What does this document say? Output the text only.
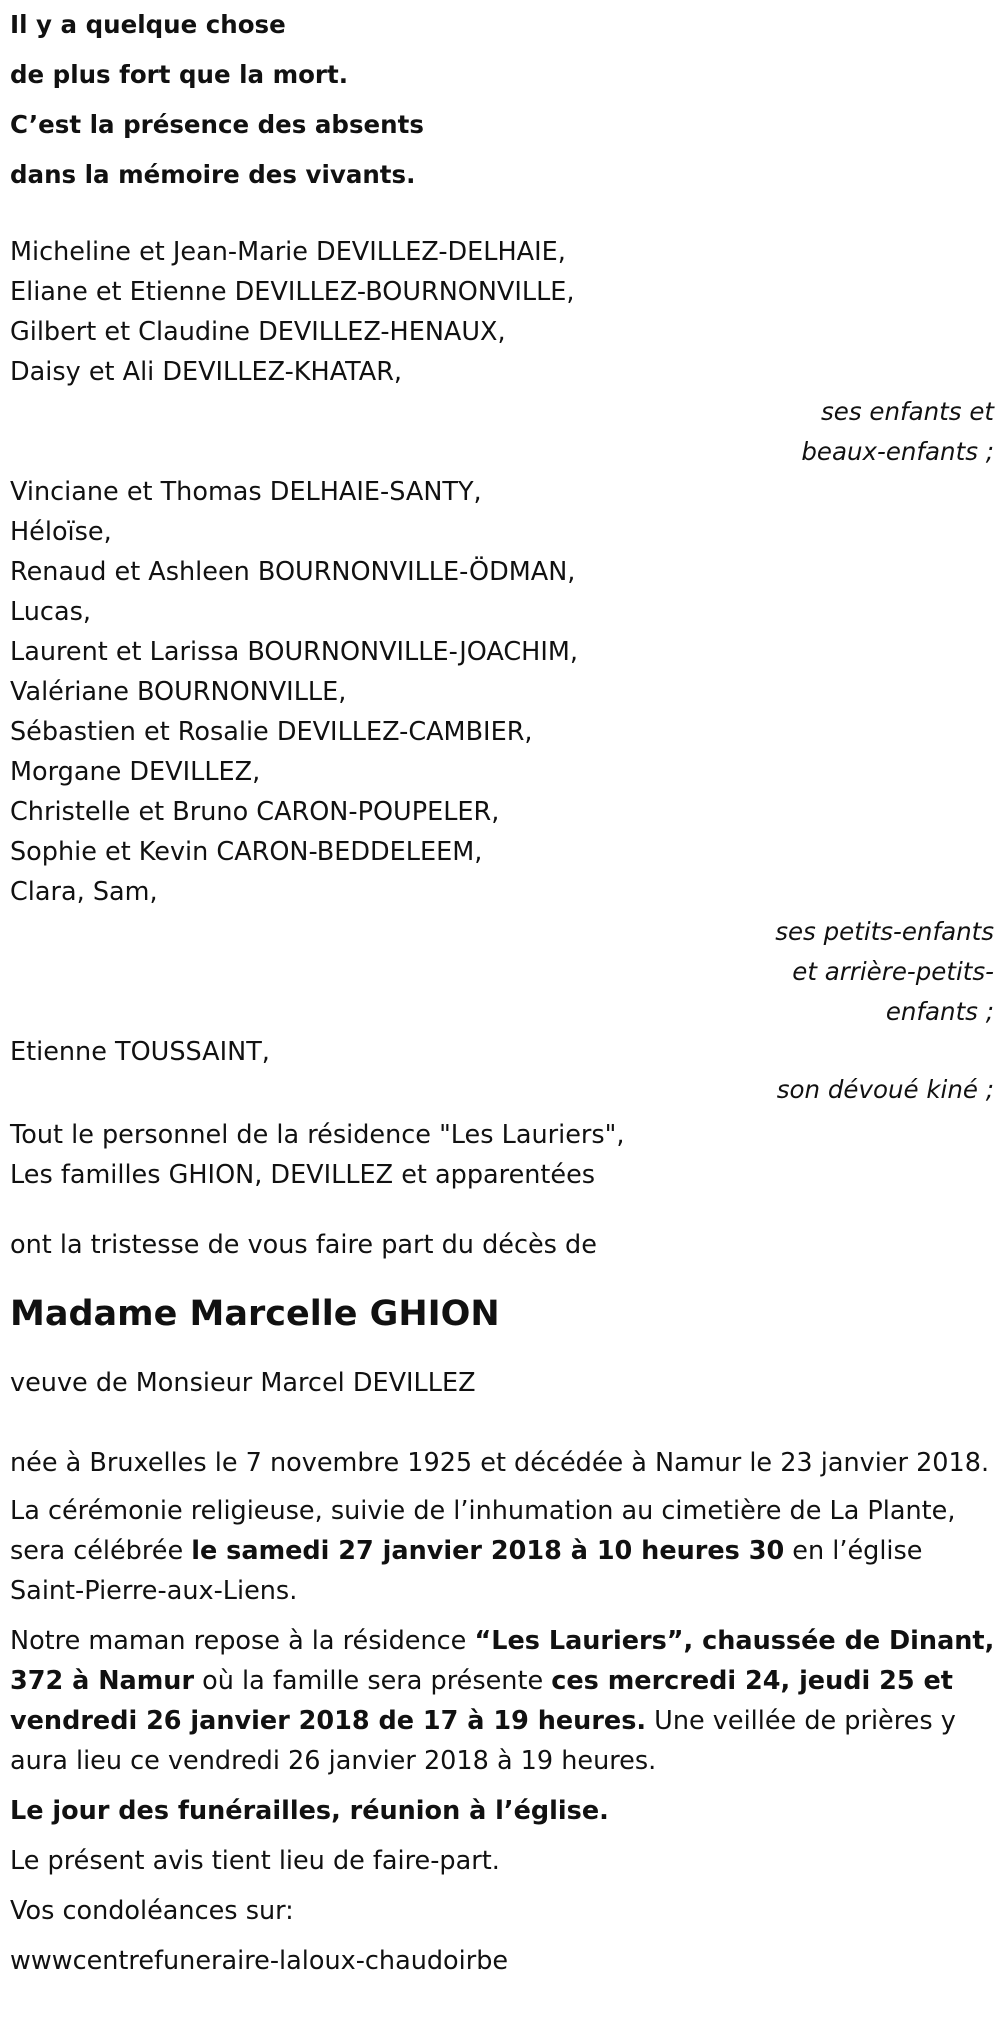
Il y a quelque chose
de plus fort que la mort.
C’est la présence des absents
dans la mémoire des vivants.
Micheline et Jean-Marie DEVILLEZ-DELHAIE,
Eliane et Etienne DEVILLEZ-BOURNONVILLE,
Gilbert et Claudine DEVILLEZ-HENAUX,
Daisy et Ali DEVILLEZ-KHATAR,
ses enfants et
beaux-enfants ;
Vinciane et Thomas DELHAIE-SANTY,
Héloïse,
Renaud et Ashleen BOURNONVILLE-ÖDMAN,
Lucas,
Laurent et Larissa BOURNONVILLE-JOACHIM,
Valériane BOURNONVILLE,
Sébastien et Rosalie DEVILLEZ-CAMBIER,
Morgane DEVILLEZ,
Christelle et Bruno CARON-POUPELER,
Sophie et Kevin CARON-BEDDELEEM,
Clara, Sam,
ses petits-enfants
et arrière-petits-
enfants ;
Etienne TOUSSAINT,
son dévoué kiné ;
Tout le personnel de la résidence "Les Lauriers",
Les familles GHION, DEVILLEZ et apparentées

ont la tristesse de vous faire part du décès de

Madame Marcelle GHION

veuve de Monsieur Marcel DEVILLEZ

née à Bruxelles le 7 novembre 1925 et décédée à Namur le 23 janvier 2018.

La cérémonie religieuse, suivie de l’inhumation au cimetière de La Plante, sera célébrée le samedi 27 janvier 2018 à 10 heures 30 en l’église Saint-Pierre-aux-Liens.

Notre maman repose à la résidence “Les Lauriers”, chaussée de Dinant, 372 à Namur où la famille sera présente ces mercredi 24, jeudi 25 et vendredi 26 janvier 2018 de 17 à 19 heures. Une veillée de prières y aura lieu ce vendredi 26 janvier 2018 à 19 heures.

Le jour des funérailles, réunion à l’église.

Le présent avis tient lieu de faire-part.

Vos condoléances sur:

wwwcentrefuneraire-laloux-chaudoirbe
